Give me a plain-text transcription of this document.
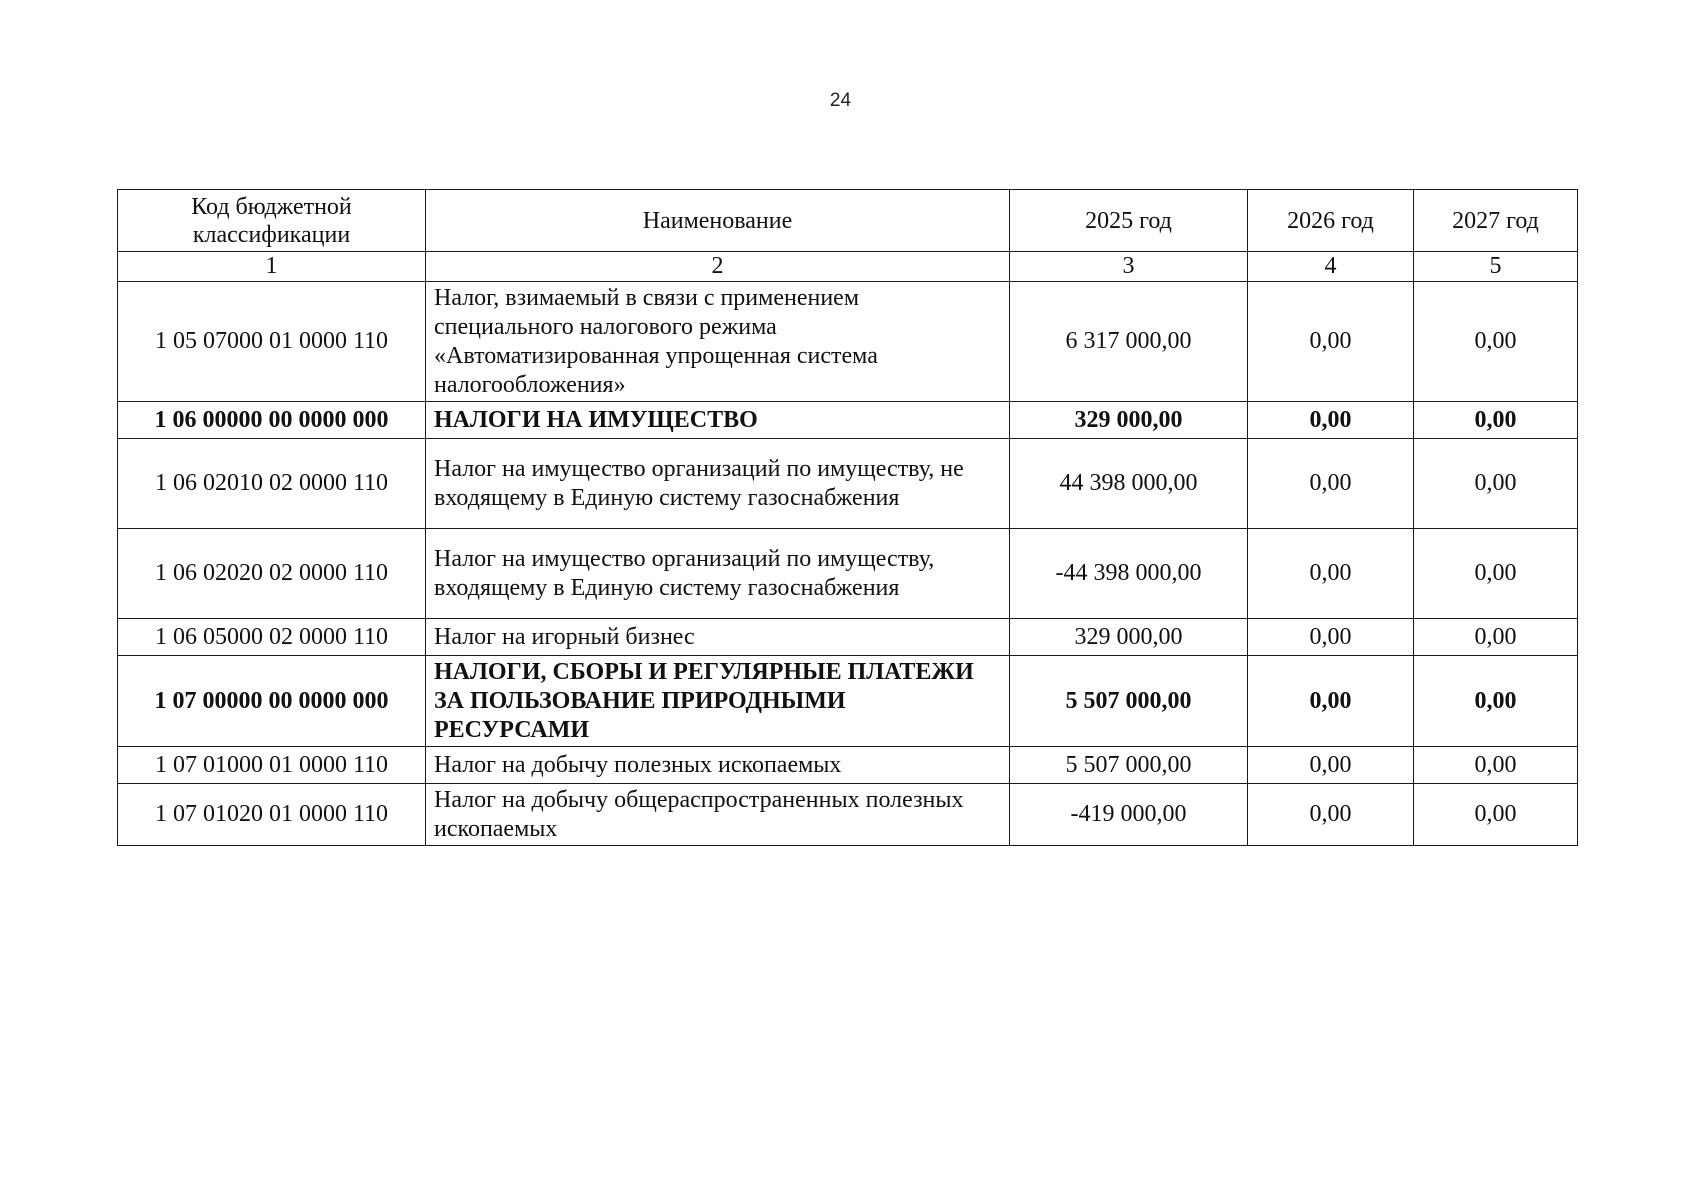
24
Код бюджетной классификации	Наименование	2025 год	2026 год	2027 год
1	2	3	4	5
1 05 07000 01 0000 110	Налог, взимаемый в связи с применением специального налогового режима «Автоматизированная упрощенная система налогообложения»	6 317 000,00	0,00	0,00
1 06 00000 00 0000 000	НАЛОГИ НА ИМУЩЕСТВО	329 000,00	0,00	0,00
1 06 02010 02 0000 110	Налог на имущество организаций по имуществу, не входящему в Единую систему газоснабжения	44 398 000,00	0,00	0,00
1 06 02020 02 0000 110	Налог на имущество организаций по имуществу, входящему в Единую систему газоснабжения	-44 398 000,00	0,00	0,00
1 06 05000 02 0000 110	Налог на игорный бизнес	329 000,00	0,00	0,00
1 07 00000 00 0000 000	НАЛОГИ, СБОРЫ И РЕГУЛЯРНЫЕ ПЛАТЕЖИ ЗА ПОЛЬЗОВАНИЕ ПРИРОДНЫМИ РЕСУРСАМИ	5 507 000,00	0,00	0,00
1 07 01000 01 0000 110	Налог на добычу полезных ископаемых	5 507 000,00	0,00	0,00
1 07 01020 01 0000 110	Налог на добычу общераспространенных полезных ископаемых	-419 000,00	0,00	0,00
